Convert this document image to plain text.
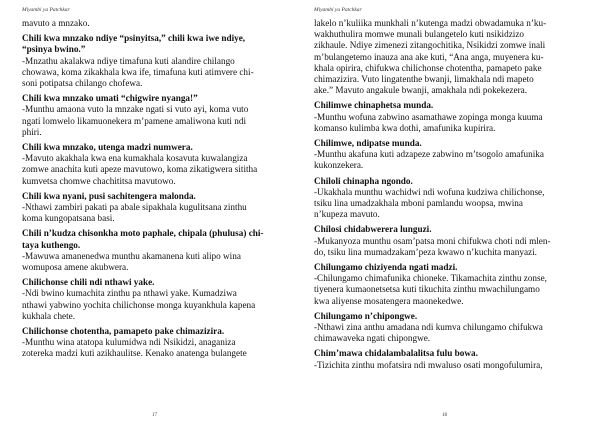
Miyambi ya Patchkar
mavuto a mnzako.
Chili kwa mnzako ndiye “psinyitsa,” chili kwa iwe ndiye,
“psinya bwino.”
-Mnzathu akalakwa ndiye timafuna kuti alandire chilango
chowawa, koma zikakhala kwa ife, timafuna kuti atimvere chi-
soni potipatsa chilango chofewa.
Chili kwa mnzako umati “chigwire nyanga!”
-Munthu amaona vuto la mnzake ngati si vuto ayi, koma vuto
ngati lomwelo likamuonekera m’pamene amaliwona kuti ndi
phiri.
Chili kwa mnzako, utenga madzi numwera.
-Mavuto akakhala kwa ena kumakhala kosavuta kuwalangiza
zomwe anachita kuti apeze mavutowo, koma zikatigwera sititha
kumvetsa chomwe chachititsa mavutowo.
Chili kwa nyani, pusi sachitengera malonda.
-Nthawi zambiri pakati pa abale sipakhala kugulitsana zinthu
koma kungopatsana basi.
Chili n’kudza chisonkha moto paphale, chipala (phulusa) chi-
taya kuthengo.
-Mawuwa amanenedwa munthu akamanena kuti alipo wina
womuposa amene akubwera.
Chilichonse chili ndi nthawi yake.
-Ndi bwino kumachita zinthu pa nthawi yake. Kumadziwa
nthawi yabwino yochita chilichonse monga kuyankhula kapena
kukhala chete.
Chilichonse chotentha, pamapeto pake chimazizira.
-Munthu wina atatopa kulumidwa ndi Nsikidzi, anaganiza
zotereka madzi kuti azikhaulitse. Kenako anatenga bulangete
17
Miyambi ya Patchkar
lakelo n’kuliika munkhali n’kutenga madzi obwadamuka n’ku-
wakhuthulira momwe munali bulangetelo kuti nsikidzizo
zikhaule. Ndiye zimenezi zitangochitika, Nsikidzi zomwe inali
m’bulangetemo inauza ana ake kuti, “Ana anga, muyenera ku-
khala opirira, chifukwa chilichonse chotentha, pamapeto pake
chimazizira. Vuto lingatenthe bwanji, limakhala ndi mapeto
ake.” Mavuto angakule bwanji, amakhala ndi pokekezera.
Chilimwe chinaphetsa munda.
-Munthu wofuna zabwino asamathawe zopinga monga kuuma
komanso kulimba kwa dothi, amafunika kupirira.
Chilimwe, ndipatse munda.
-Munthu akafuna kuti adzapeze zabwino m’tsogolo amafunika
kukonzekera.
Chiloli chinapha ngondo.
-Ukakhala munthu wachidwi ndi wofuna kudziwa chilichonse,
tsiku lina umadzakhala mboni pamlandu woopsa, mwina
n’kupeza mavuto.
Chilosi chidabwerera lunguzi.
-Mukanyoza munthu osam’patsa moni chifukwa choti ndi mlen-
do, tsiku lina mumadzakam’peza kwawo n’kuchita manyazi.
Chilungamo chiziyenda ngati madzi.
-Chilungamo chimafunika chioneke. Tikamachita zinthu zonse,
tiyenera kumaonetsetsa kuti tikuchita zinthu mwachilungamo
kwa aliyense mosatengera maonekedwe.
Chilungamo n’chipongwe.
-Nthawi zina anthu amadana ndi kumva chilungamo chifukwa
chimawaveka ngati chipongwe.
Chim’mawa chidalambalalitsa fulu bowa.
-Tizichita zinthu mofatsira ndi mwaluso osati mongofulumira,
18
